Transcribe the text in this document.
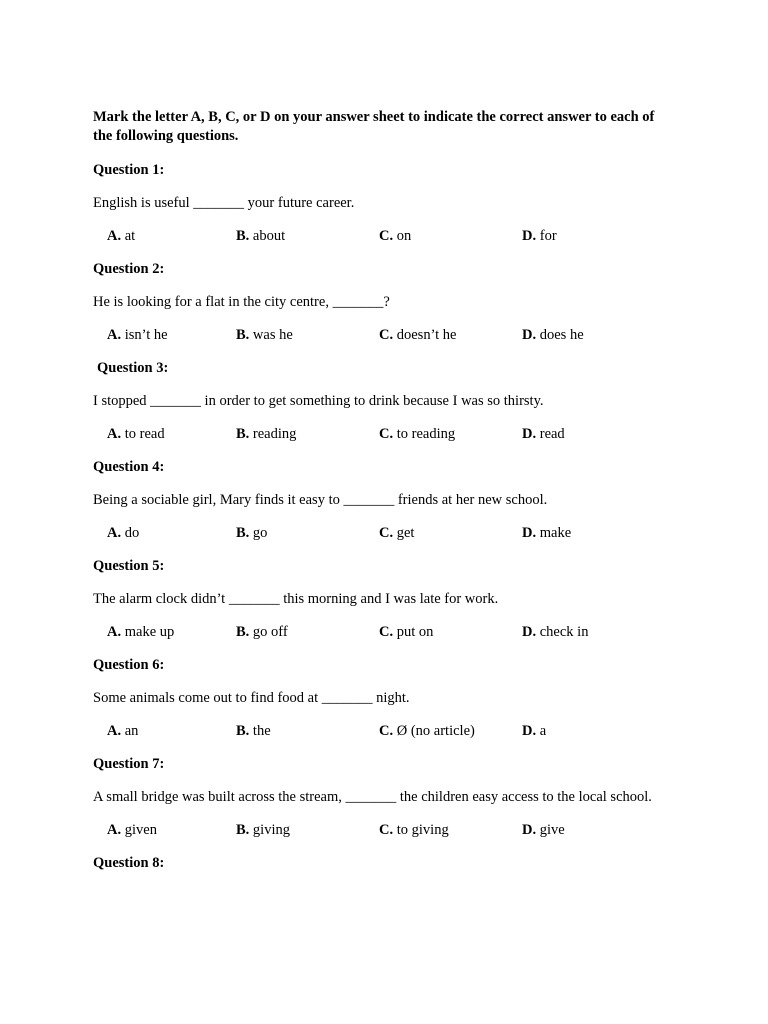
Mark the letter A, B, C, or D on your answer sheet to indicate the correct answer to each of the following questions.

Question 1:

English is useful _______ your future career.

A. at	B. about	C. on	D. for

Question 2:

He is looking for a flat in the city centre, _______?

A. isn’t he	B. was he	C. doesn’t he	D. does he

Question 3:

I stopped _______ in order to get something to drink because I was so thirsty.

A. to read	B. reading	C. to reading	D. read

Question 4:

Being a sociable girl, Mary finds it easy to _______ friends at her new school.

A. do	B. go	C. get	D. make

Question 5:

The alarm clock didn’t _______ this morning and I was late for work.

A. make up	B. go off	C. put on	D. check in

Question 6:

Some animals come out to find food at _______ night.

A. an	B. the	C. Ø (no article)	D. a

Question 7:

A small bridge was built across the stream, _______ the children easy access to the local school.

A. given	B. giving	C. to giving	D. give

Question 8:
